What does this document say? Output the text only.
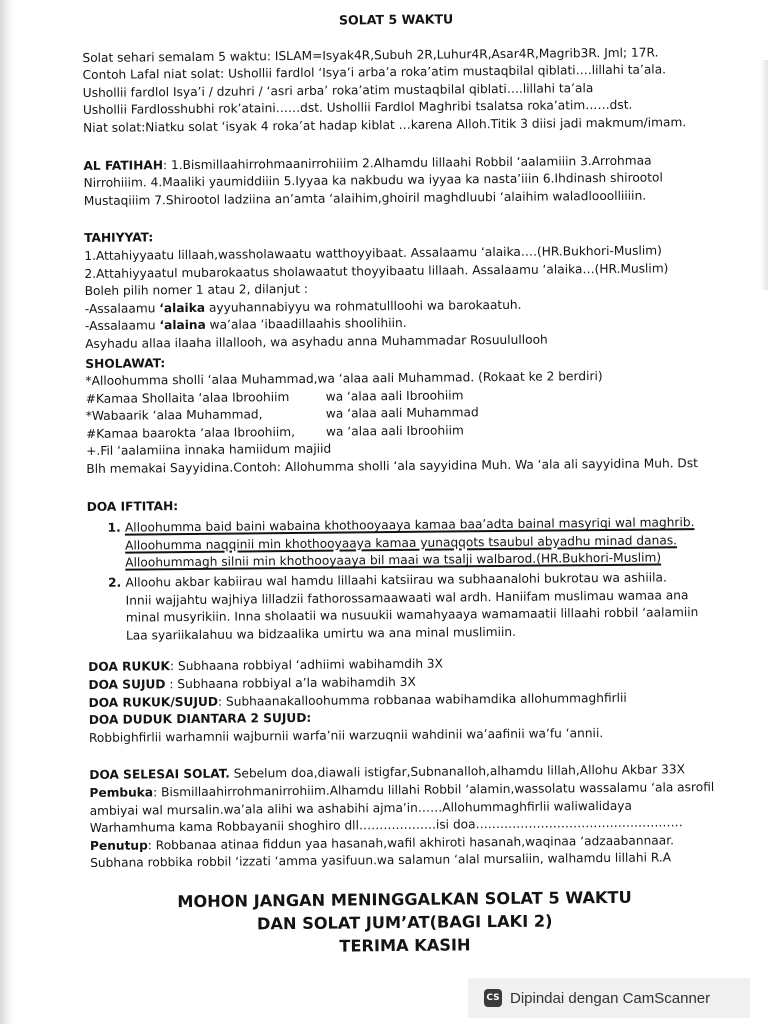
SOLAT 5 WAKTU

Solat sehari semalam 5 waktu: ISLAM=Isyak4R,Subuh 2R,Luhur4R,Asar4R,Magrib3R. Jml; 17R.

Contoh Lafal niat solat: Ushollii fardlol ‘Isya’i arba’a roka’atim mustaqbilal qiblati….lillahi ta’ala.

Ushollii fardlol Isya’i / dzuhri / ‘asri arba’ roka’atim mustaqbilal qiblati….lillahi ta’ala

Ushollii Fardlosshubhi rok’ataini……dst. Ushollii Fardlol Maghribi tsalatsa roka’atim……dst.

Niat solat:Niatku solat ‘isyak 4 roka’at hadap kiblat …karena Alloh.Titik 3 diisi jadi makmum/imam.

AL FATIHAH: 1.Bismillaahirrohmaanirrohiiim 2.Alhamdu lillaahi Robbil ‘aalamiiin 3.Arrohmaa Nirrohiiim. 4.Maaliki yaumiddiiin 5.Iyyaa ka nakbudu wa iyyaa ka nasta’iiin 6.Ihdinash shirootol Mustaqiiim 7.Shirootol ladziina an’amta ‘alaihim,ghoiril maghdluubi ‘alaihim waladlooolliiiin.

TAHIYYAT:

1.Attahiyyaatu lillaah,wassholawaatu watthoyyibaat. Assalaamu ‘alaika….(HR.Bukhori-Muslim)

2.Attahiyyaatul mubarokaatus sholawaatut thoyyibaatu lillaah. Assalaamu ‘alaika…(HR.Muslim)

Boleh pilih nomer 1 atau 2, dilanjut :

-Assalaamu ‘alaika ayyuhannabiyyu wa rohmatullloohi wa barokaatuh.

-Assalaamu ‘alaina wa’alaa ‘ibaadillaahis shoolihiin.

Asyhadu allaa ilaaha illallooh, wa asyhadu anna Muhammadar Rosuulullooh

SHOLAWAT:

*Alloohumma sholli ‘alaa Muhammad,wa ‘alaa aali Muhammad. (Rokaat ke 2 berdiri)

#Kamaa Shollaita ‘alaa Ibroohiim	wa ‘alaa aali Ibroohiim
*Wabaarik ‘alaa Muhammad,	wa ‘alaa aali Muhammad
#Kamaa baarokta ‘alaa Ibroohiim,	wa ‘alaa aali Ibroohiim

+.Fil ‘aalamiina innaka hamiidum majiid

Blh memakai Sayyidina.Contoh: Allohumma sholli ‘ala sayyidina Muh. Wa ‘ala ali sayyidina Muh. Dst

DOA IFTITAH:

1. Alloohumma baid baini wabaina khothooyaaya kamaa baa’adta bainal masyriqi wal maghrib.
Alloohumma naqqinii min khothooyaaya kamaa yunaqqots tsaubul abyadhu minad danas.
Alloohummagh silnii min khothooyaaya bil maai wa tsalji walbarod.(HR.Bukhori-Muslim)
2. Alloohu akbar kabiirau wal hamdu lillaahi katsiirau wa subhaanalohi bukrotau wa ashiila.
Innii wajjahtu wajhiya lilladzii fathorossamaawaati wal ardh. Haniifam muslimau wamaa ana
minal musyrikiin. Inna sholaatii wa nusuukii wamahyaaya wamamaatii lillaahi robbil ‘aalamiin
Laa syariikalahuu wa bidzaalika umirtu wa ana minal muslimiin.

DOA RUKUK: Subhaana robbiyal ‘adhiimi wabihamdih 3X

DOA SUJUD : Subhaana robbiyal a’la wabihamdih 3X

DOA RUKUK/SUJUD: Subhaanakalloohumma robbanaa wabihamdika allohummaghfirlii

DOA DUDUK DIANTARA 2 SUJUD:

Robbighfirlii warhamnii wajburnii warfa’nii warzuqnii wahdinii wa’aafinii wa’fu ‘annii.

DOA SELESAI SOLAT. Sebelum doa,diawali istigfar,Subnanalloh,alhamdu lillah,Allohu Akbar 33X

Pembuka: Bismillaahirrohmanirrohiim.Alhamdu lillahi Robbil ‘alamin,wassolatu wassalamu ‘ala asrofil ambiyai wal mursalin.wa’ala alihi wa ashabihi ajma’in……Allohummaghfirlii waliwalidaya Warhamhuma kama Robbayanii shoghiro dll……………….isi doa……………………………………………

Penutup: Robbanaa atinaa fiddun yaa hasanah,wafil akhiroti hasanah,waqinaa ‘adzaabannaar. Subhana robbika robbil ‘izzati ‘amma yasifuun.wa salamun ‘alal mursaliin, walhamdu lillahi R.A

MOHON JANGAN MENINGGALKAN SOLAT 5 WAKTU
DAN SOLAT JUM’AT(BAGI LAKI 2)
TERIMA KASIH
CS Dipindai dengan CamScanner
